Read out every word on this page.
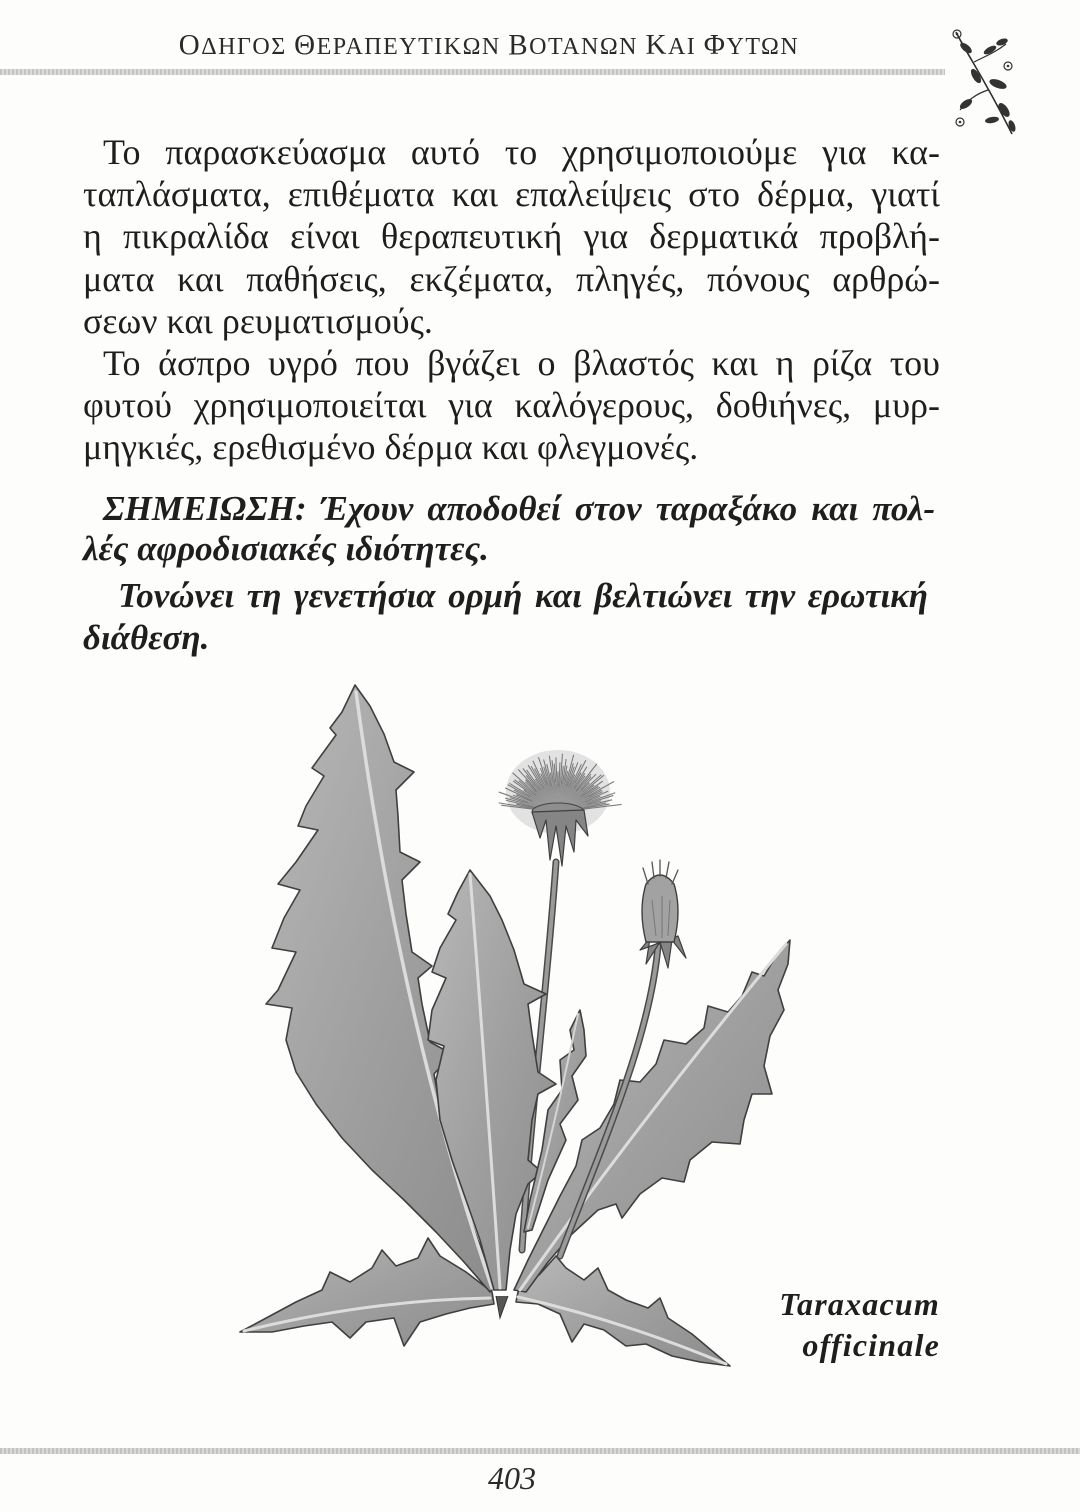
ΟΔΗΓΟΣ ΘΕΡΑΠΕΥΤΙΚΩΝ ΒΟΤΑΝΩΝ ΚΑΙ ΦΥΤΩΝ
Το παρασκεύασμα αυτό το χρησιμοποιούμε για κα-
ταπλάσματα, επιθέματα και επαλείψεις στο δέρμα, γιατί
η πικραλίδα είναι θεραπευτική για δερματικά προβλή-
ματα και παθήσεις, εκζέματα, πληγές, πόνους αρθρώ-
σεων και ρευματισμούς.
Το άσπρο υγρό που βγάζει ο βλαστός και η ρίζα του
φυτού χρησιμοποιείται για καλόγερους, δοθιήνες, μυρ-
μηγκιές, ερεθισμένο δέρμα και φλεγμονές.
ΣΗΜΕΙΩΣΗ: Έχουν αποδοθεί στον ταραξάκο και πολ-
λές αφροδισιακές ιδιότητες.
Τονώνει τη γενετήσια ορμή και βελτιώνει την ερωτική
διάθεση.
Taraxacum
officinale
403
